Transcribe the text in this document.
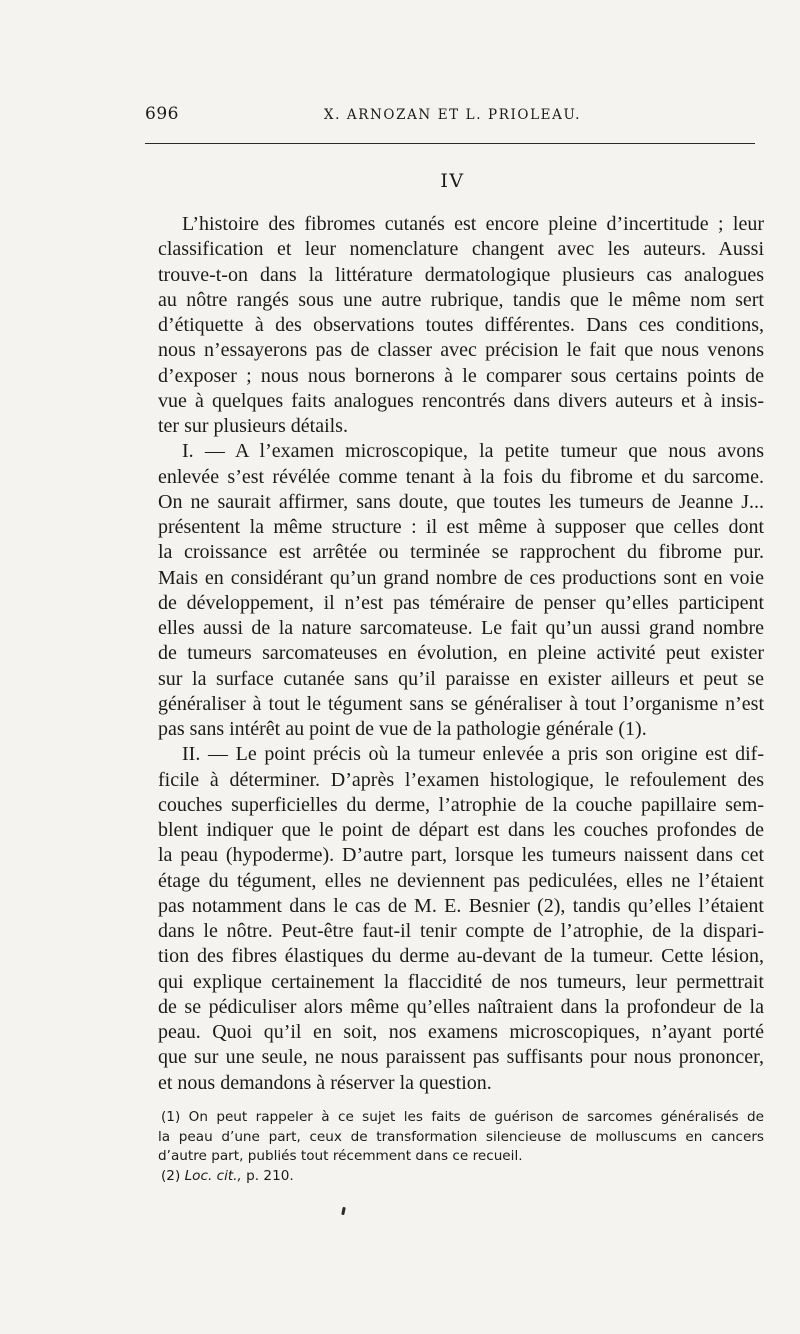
696	X. ARNOZAN ET L. PRIOLEAU.
IV
L’histoire des fibromes cutanés est encore pleine d’incertitude ; leur
classification et leur nomenclature changent avec les auteurs. Aussi
trouve-t-on dans la littérature dermatologique plusieurs cas analogues
au nôtre rangés sous une autre rubrique, tandis que le même nom sert
d’étiquette à des observations toutes différentes. Dans ces conditions,
nous n’essayerons pas de classer avec précision le fait que nous venons
d’exposer ; nous nous bornerons à le comparer sous certains points de
vue à quelques faits analogues rencontrés dans divers auteurs et à insis-
ter sur plusieurs détails.
I. — A l’examen microscopique, la petite tumeur que nous avons
enlevée s’est révélée comme tenant à la fois du fibrome et du sarcome.
On ne saurait affirmer, sans doute, que toutes les tumeurs de Jeanne J...
présentent la même structure : il est même à supposer que celles dont
la croissance est arrêtée ou terminée se rapprochent du fibrome pur.
Mais en considérant qu’un grand nombre de ces productions sont en voie
de développement, il n’est pas téméraire de penser qu’elles participent
elles aussi de la nature sarcomateuse. Le fait qu’un aussi grand nombre
de tumeurs sarcomateuses en évolution, en pleine activité peut exister
sur la surface cutanée sans qu’il paraisse en exister ailleurs et peut se
généraliser à tout le tégument sans se généraliser à tout l’organisme n’est
pas sans intérêt au point de vue de la pathologie générale (1).
II. — Le point précis où la tumeur enlevée a pris son origine est dif-
ficile à déterminer. D’après l’examen histologique, le refoulement des
couches superficielles du derme, l’atrophie de la couche papillaire sem-
blent indiquer que le point de départ est dans les couches profondes de
la peau (hypoderme). D’autre part, lorsque les tumeurs naissent dans cet
étage du tégument, elles ne deviennent pas pediculées, elles ne l’étaient
pas notamment dans le cas de M. E. Besnier (2), tandis qu’elles l’étaient
dans le nôtre. Peut-être faut-il tenir compte de l’atrophie, de la dispari-
tion des fibres élastiques du derme au-devant de la tumeur. Cette lésion,
qui explique certainement la flaccidité de nos tumeurs, leur permettrait
de se pédiculiser alors même qu’elles naîtraient dans la profondeur de la
peau. Quoi qu’il en soit, nos examens microscopiques, n’ayant porté
que sur une seule, ne nous paraissent pas suffisants pour nous prononcer,
et nous demandons à réserver la question.
(1) On peut rappeler à ce sujet les faits de guérison de sarcomes généralisés de
la peau d’une part, ceux de transformation silencieuse de molluscums en cancers
d’autre part, publiés tout récemment dans ce recueil.
(2) Loc. cit., p. 210.
